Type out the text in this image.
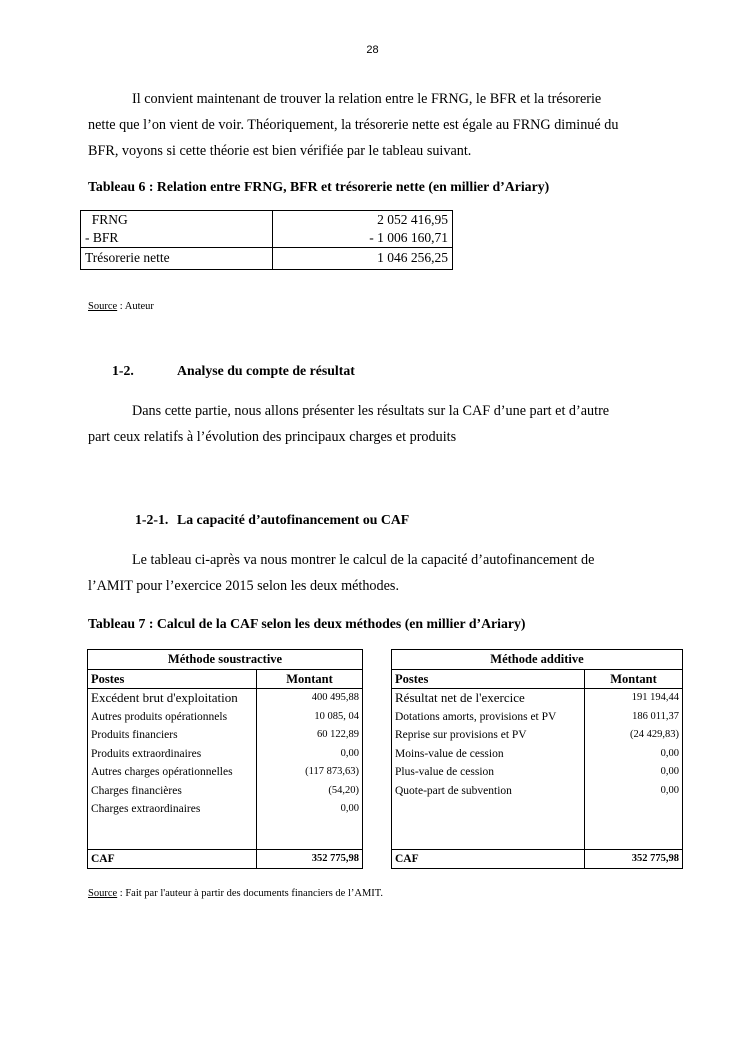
28
Il convient maintenant de trouver la relation entre le FRNG, le BFR et la trésorerie
nette que l’on vient de voir. Théoriquement, la trésorerie nette est égale au FRNG diminué du
BFR, voyons si cette théorie est bien vérifiée par le tableau suivant.
Tableau 6 : Relation entre FRNG, BFR et trésorerie nette (en millier d’Ariary)
FRNG	2 052 416,95
- BFR	- 1 006 160,71
Trésorerie nette	1 046 256,25
Source : Auteur
1-2.	Analyse du compte de résultat
Dans cette partie, nous allons présenter les résultats sur la CAF d’une part et d’autre
part ceux relatifs à l’évolution des principaux charges et produits
1-2-1. La capacité d’autofinancement ou CAF
Le tableau ci-après va nous montrer le calcul de la capacité d’autofinancement de
l’AMIT pour l’exercice 2015 selon les deux méthodes.
Tableau 7 : Calcul de la CAF selon les deux méthodes (en millier d’Ariary)
Méthode soustractive	
Postes	Montant
Excédent brut d'exploitation	400 495,88
Autres produits opérationnels	10 085, 04
Produits financiers	60 122,89
Produits extraordinaires	0,00
Autres charges opérationnelles	(117 873,63)
Charges financières	(54,20)
Charges extraordinaires	0,00

CAF	352 775,98
Méthode additive	
Postes	Montant
Résultat net de l'exercice	191 194,44
Dotations amorts, provisions et PV	186 011,37
Reprise sur provisions et PV	(24 429,83)
Moins-value de cession	0,00
Plus-value de cession	0,00
Quote-part de subvention	0,00

CAF	352 775,98
Source : Fait par l'auteur à partir des documents financiers de l’AMIT.
